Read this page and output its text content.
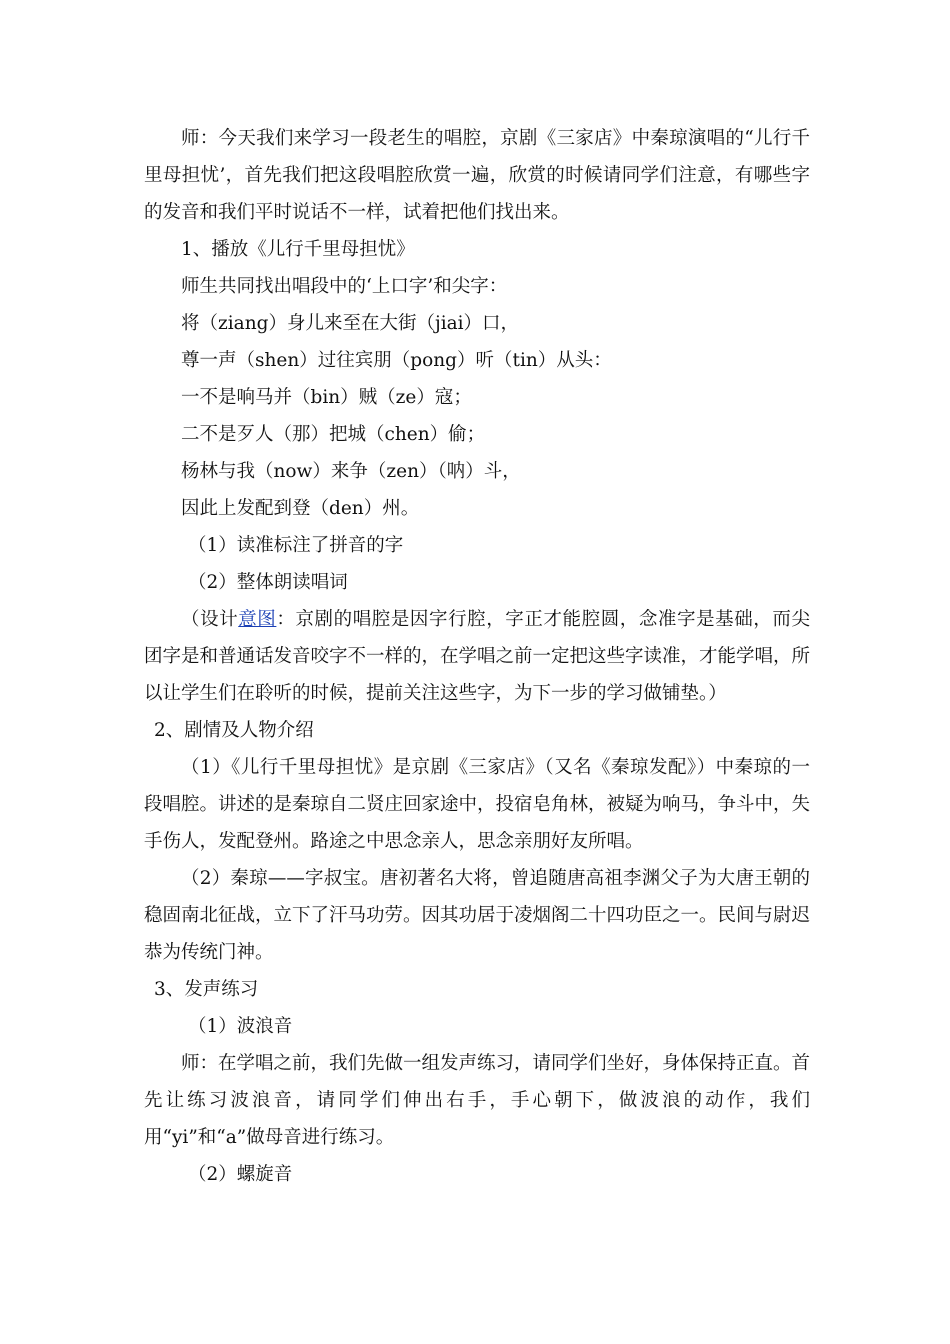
师：今天我们来学习一段老生的唱腔，京剧《三家店》中秦琼演唱的“儿行千里母担忧’，首先我们把这段唱腔欣赏一遍，欣赏的时候请同学们注意，有哪些字的发音和我们平时说话不一样，试着把他们找出来。

1、播放《儿行千里母担忧》

师生共同找出唱段中的‘上口字’和尖字：

将（ziang）身儿来至在大街（jiai）口，

尊一声（shen）过往宾朋（pong）听（tin）从头：

一不是响马并（bin）贼（ze）寇；

二不是歹人（那）把城（chen）偷；

杨林与我（now）来争（zen）（呐）斗，

因此上发配到登（den）州。

（1）读准标注了拼音的字

（2）整体朗读唱词

（设计意图：京剧的唱腔是因字行腔，字正才能腔圆，念准字是基础，而尖团字是和普通话发音咬字不一样的，在学唱之前一定把这些字读准，才能学唱，所以让学生们在聆听的时候，提前关注这些字，为下一步的学习做铺垫。）

2、剧情及人物介绍

（1）《儿行千里母担忧》是京剧《三家店》（又名《秦琼发配》）中秦琼的一段唱腔。讲述的是秦琼自二贤庄回家途中，投宿皂角林，被疑为响马，争斗中，失手伤人，发配登州。路途之中思念亲人，思念亲朋好友所唱。

（2）秦琼——字叔宝。唐初著名大将，曾追随唐高祖李渊父子为大唐王朝的稳固南北征战，立下了汗马功劳。因其功居于凌烟阁二十四功臣之一。民间与尉迟恭为传统门神。

3、发声练习

（1）波浪音

师：在学唱之前，我们先做一组发声练习，请同学们坐好，身体保持正直。首先让练习波浪音，请同学们伸出右手，手心朝下，做波浪的动作，我们用“yi”和“a”做母音进行练习。

（2）螺旋音
